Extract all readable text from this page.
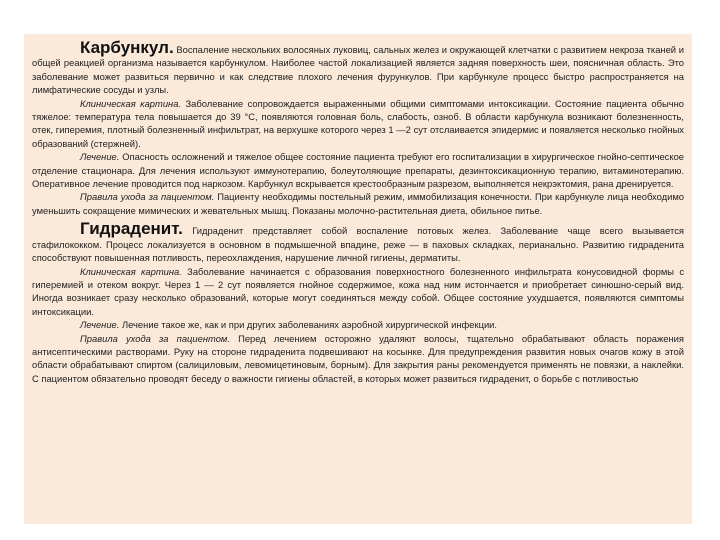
Карбункул. Воспаление нескольких волосяных луковиц, сальных желез и окружающей клетчатки с развитием некроза тканей и общей реакцией организма называется карбункулом. Наиболее частой локализацией является задняя поверхность шеи, поясничная область. Это заболевание может развиться первично и как следствие плохого лечения фурункулов. При карбункуле процесс быстро распространяется на лимфатические сосуды и узлы.

Клиническая картина. Заболевание сопровождается выраженными общими симптомами интоксикации. Состояние пациента обычно тяжелое: температура тела повышается до 39 °С, появляются головная боль, слабость, озноб. В области карбункула возникают болезненность, отек, гиперемия, плотный болезненный инфильтрат, на верхушке которого через 1 —2 сут отслаивается эпидермис и появляется несколько гнойных образований (стержней).

Лечение. Опасность осложнений и тяжелое общее состояние пациента требуют его госпитализации в хирургическое гнойно-септическое отделение стационара. Для лечения используют иммунотерапию, болеутоляющие препараты, дезинтоксикационную терапию, витаминотерапию. Оперативное лечение проводится под наркозом. Карбункул вскрывается крестообразным разрезом, выполняется некрэктомия, рана дренируется.

Правила ухода за пациентом. Пациенту необходимы постельный режим, иммобилизация конечности. При карбункуле лица необходимо уменьшить сокращение мимических и жевательных мышц. Показаны молочно-растительная диета, обильное питье.

Гидраденит. Гидраденит представляет собой воспаление потовых желез. Заболевание чаще всего вызывается стафилококком. Процесс локализуется в основном в подмышечной впадине, реже — в паховых складках, перианально. Развитию гидраденита способствуют повышенная потливость, переохлаждения, нарушение личной гигиены, дерматиты.

Клиническая картина. Заболевание начинается с образования поверхностного болезненного инфильтрата конусовидной формы с гиперемией и отеком вокруг. Через 1 — 2 сут появляется гнойное содержимое, кожа над ним истончается и приобретает синюшно-серый вид. Иногда возникает сразу несколько образований, которые могут соединяться между собой. Общее состояние ухудшается, появляются симптомы интоксикации.

Лечение. Лечение такое же, как и при других заболеваниях аэробной хирургической инфекции.

Правила ухода за пациентом. Перед лечением осторожно удаляют волосы, тщательно обрабатывают область поражения антисептическими растворами. Руку на стороне гидраденита подвешивают на косынке. Для предупреждения развития новых очагов кожу в этой области обрабатывают спиртом (салициловым, левомицетиновым, борным). Для закрытия раны рекомендуется применять не повязки, а наклейки. С пациентом обязательно проводят беседу о важности гигиены областей, в которых может развиться гидраденит, о борьбе с потливостью
